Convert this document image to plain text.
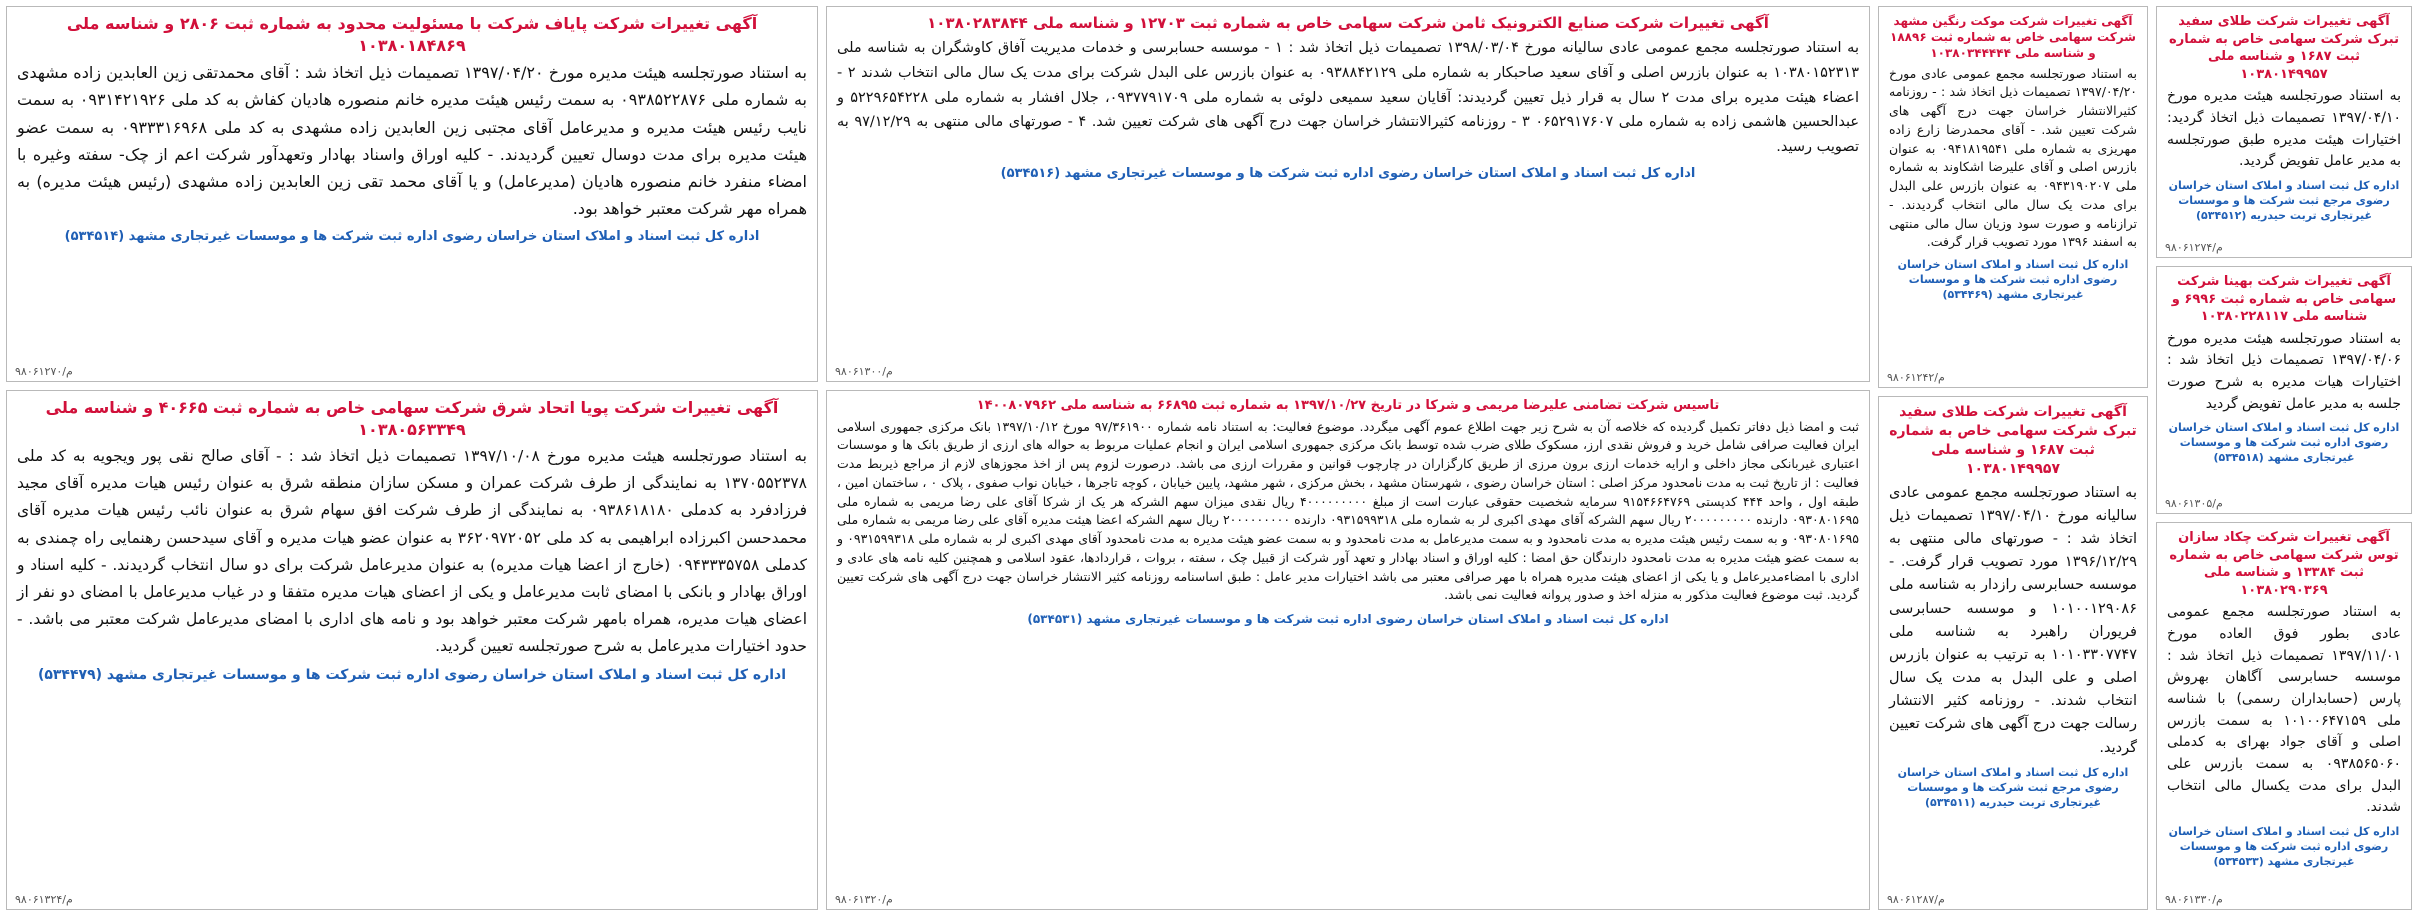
آگهی تغییرات شرکت طلای سفید تبرک شرکت سهامی خاص به شماره ثبت ۱۶۸۷ و شناسه ملی ۱۰۳۸۰۱۴۹۹۵۷
به استناد صورتجلسه هیئت مدیره مورخ ۱۳۹۷/۰۴/۱۰ تصمیمات ذیل اتخاذ گردید: اختیارات هیئت مدیره طبق صورتجلسه به مدیر عامل تفویض گردید.
اداره کل ثبت اسناد و املاک استان خراسان رضوی مرجع ثبت شرکت ها و موسسات غیرتجاری تربت حیدریه (۵۳۴۵۱۲)
۹۸۰۶۱۲۷۴/م
آگهی تغییرات شرکت بهینا شرکت سهامی خاص به شماره ثبت ۶۹۹۶ و شناسه ملی ۱۰۳۸۰۲۲۸۱۱۷
به استناد صورتجلسه هیئت مدیره مورخ ۱۳۹۷/۰۴/۰۶ تصمیمات ذیل اتخاذ شد : اختیارات هیات مدیره به شرح صورت جلسه به مدیر عامل تفویض گردید
اداره کل ثبت اسناد و املاک استان خراسان رضوی اداره ثبت شرکت ها و موسسات غیرتجاری مشهد (۵۳۴۵۱۸)
۹۸۰۶۱۳۰۵/م
آگهی تغییرات شرکت چکاد سازان توس شرکت سهامی خاص به شماره ثبت ۱۳۳۸۴ و شناسه ملی ۱۰۳۸۰۲۹۰۳۶۹
به استناد صورتجلسه مجمع عمومی عادی بطور فوق العاده مورخ ۱۳۹۷/۱۱/۰۱ تصمیمات ذیل اتخاذ شد : موسسه حسابرسی آگاهان بهروش پارس (حسابداران رسمی) با شناسه ملی ۱۰۱۰۰۶۴۷۱۵۹ به سمت بازرس اصلی و آقای جواد بهرای به کدملی ۰۹۳۸۵۶۵۰۶۰ به سمت بازرس علی البدل برای مدت یکسال مالی انتخاب شدند.
اداره کل ثبت اسناد و املاک استان خراسان رضوی اداره ثبت شرکت ها و موسسات غیرتجاری مشهد (۵۳۴۵۳۳)
۹۸۰۶۱۳۳۰/م
آگهی تغییرات شرکت موکت رنگین مشهد شرکت سهامی خاص به شماره ثبت ۱۸۸۹۶ و شناسه ملی ۱۰۳۸۰۳۴۴۴۴۴
به استناد صورتجلسه مجمع عمومی عادی مورخ ۱۳۹۷/۰۴/۲۰ تصمیمات ذیل اتخاذ شد : - روزنامه کثیرالانتشار خراسان جهت درج آگهی های شرکت تعیین شد. - آقای محمدرضا زارع زاده مهریزی به شماره ملی ۰۹۴۱۸۱۹۵۴۱ به عنوان بازرس اصلی و آقای علیرضا اشکاوند به شماره ملی ۰۹۴۳۱۹۰۲۰۷ به عنوان بازرس علی البدل برای مدت یک سال مالی انتخاب گردیدند. - ترازنامه و صورت سود وزیان سال مالی منتهی به اسفند ۱۳۹۶ مورد تصویب قرار گرفت.
اداره کل ثبت اسناد و املاک استان خراسان رضوی اداره ثبت شرکت ها و موسسات غیرتجاری مشهد (۵۳۴۴۶۹)
۹۸۰۶۱۲۴۲/م
آگهی تغییرات شرکت طلای سفید تبرک شرکت سهامی خاص به شماره ثبت ۱۶۸۷ و شناسه ملی ۱۰۳۸۰۱۴۹۹۵۷
به استناد صورتجلسه مجمع عمومی عادی سالیانه مورخ ۱۳۹۷/۰۴/۱۰ تصمیمات ذیل اتخاذ شد : - صورتهای مالی منتهی به ۱۳۹۶/۱۲/۲۹ مورد تصویب قرار گرفت. - موسسه حسابرسی رازدار به شناسه ملی ۱۰۱۰۰۱۲۹۰۸۶ و موسسه حسابرسی فریوران راهبرد به شناسه ملی ۱۰۱۰۳۳۰۷۷۴۷ به ترتیب به عنوان بازرس اصلی و علی البدل به مدت یک سال انتخاب شدند. - روزنامه کثیر الانتشار رسالت جهت درج آگهی های شرکت تعیین گردید.
اداره کل ثبت اسناد و املاک استان خراسان رضوی مرجع ثبت شرکت ها و موسسات غیرتجاری تربت حیدریه (۵۳۴۵۱۱)
۹۸۰۶۱۲۸۷/م
آگهی تغییرات شرکت صنایع الکترونیک ثامن شرکت سهامی خاص به شماره ثبت ۱۲۷۰۳ و شناسه ملی ۱۰۳۸۰۲۸۳۸۴۴
به استناد صورتجلسه مجمع عمومی عادی سالیانه مورخ ۱۳۹۸/۰۳/۰۴ تصمیمات ذیل اتخاذ شد : ۱ - موسسه حسابرسی و خدمات مدیریت آفاق کاوشگران به شناسه ملی ۱۰۳۸۰۱۵۲۳۱۳ به عنوان بازرس اصلی و آقای سعید صاحبکار به شماره ملی ۰۹۳۸۸۴۲۱۲۹ به عنوان بازرس علی البدل شرکت برای مدت یک سال مالی انتخاب شدند ۲ - اعضاء هیئت مدیره برای مدت ۲ سال به قرار ذیل تعیین گردیدند: آقایان سعید سمیعی دلوئی به شماره ملی ۰۹۳۷۷۹۱۷۰۹، جلال افشار به شماره ملی ۵۲۲۹۶۵۴۲۲۸ و عبدالحسین هاشمی زاده به شماره ملی ۰۶۵۲۹۱۷۶۰۷ ۳ - روزنامه کثیرالانتشار خراسان جهت درج آگهی های شرکت تعیین شد. ۴ - صورتهای مالی منتهی به ۹۷/۱۲/۲۹ به تصویب رسید.
اداره کل ثبت اسناد و املاک استان خراسان رضوی اداره ثبت شرکت ها و موسسات غیرتجاری مشهد (۵۳۴۵۱۶)
۹۸۰۶۱۳۰۰/م
تاسیس شرکت تضامنی علیرضا مریمی و شرکا در تاریخ ۱۳۹۷/۱۰/۲۷ به شماره ثبت ۶۶۸۹۵ به شناسه ملی ۱۴۰۰۸۰۷۹۶۲
ثبت و امضا ذیل دفاتر تکمیل گردیده که خلاصه آن به شرح زیر جهت اطلاع عموم آگهی میگردد. موضوع فعالیت: به استناد نامه شماره ۹۷/۳۶۱۹۰۰ مورخ ۱۳۹۷/۱۰/۱۲ بانک مرکزی جمهوری اسلامی ایران فعالیت صرافی شامل خرید و فروش نقدی ارز، مسکوک طلای ضرب شده توسط بانک مرکزی جمهوری اسلامی ایران و انجام عملیات مربوط به حواله های ارزی از طریق بانک ها و موسسات اعتباری غیربانکی مجاز داخلی و ارایه خدمات ارزی برون مرزی از طریق کارگزاران در چارچوب قوانین و مقررات ارزی می باشد. درصورت لزوم پس از اخذ مجوزهای لازم از مراجع ذیربط مدت فعالیت : از تاریخ ثبت به مدت نامحدود مرکز اصلی : استان خراسان رضوی ، شهرستان مشهد ، بخش مرکزی ، شهر مشهد، پایین خیابان ، کوچه تاجرها ، خیابان نواب صفوی ، پلاک ۰ ، ساختمان امین ، طبقه اول ، واحد ۴۴۴ کدپستی ۹۱۵۴۶۶۴۷۶۹ سرمایه شخصیت حقوقی عبارت است از مبلغ ۴۰۰۰۰۰۰۰۰۰ ریال نقدی میزان سهم الشرکه هر یک از شرکا آقای علی رضا مریمی به شماره ملی ۰۹۳۰۸۰۱۶۹۵ دارنده ۲۰۰۰۰۰۰۰۰۰ ریال سهم الشرکه آقای مهدی اکبری لر به شماره ملی ۰۹۳۱۵۹۹۳۱۸ دارنده ۲۰۰۰۰۰۰۰۰۰ ریال سهم الشرکه اعضا هیئت مدیره آقای علی رضا مریمی به شماره ملی ۰۹۳۰۸۰۱۶۹۵ و به سمت رئیس هیئت مدیره به مدت نامحدود و به سمت مدیرعامل به مدت نامحدود و به سمت عضو هیئت مدیره به مدت نامحدود آقای مهدی اکبری لر به شماره ملی ۰۹۳۱۵۹۹۳۱۸ و به سمت عضو هیئت مدیره به مدت نامحدود دارندگان حق امضا : کلیه اوراق و اسناد بهادار و تعهد آور شرکت از قبیل چک ، سفته ، بروات ، قراردادها، عقود اسلامی و همچنین کلیه نامه های عادی و اداری با امضاءمدیرعامل و یا یکی از اعضای هیئت مدیره همراه با مهر صرافی معتبر می باشد اختیارات مدیر عامل : طبق اساسنامه روزنامه کثیر الانتشار خراسان جهت درج آگهی های شرکت تعیین گردید. ثبت موضوع فعالیت مذکور به منزله اخذ و صدور پروانه فعالیت نمی باشد.
اداره کل ثبت اسناد و املاک استان خراسان رضوی اداره ثبت شرکت ها و موسسات غیرتجاری مشهد (۵۳۴۵۳۱)
۹۸۰۶۱۳۲۰/م
آگهی تغییرات شرکت پایاف شرکت با مسئولیت محدود به شماره ثبت ۲۸۰۶ و شناسه ملی ۱۰۳۸۰۱۸۴۸۶۹
به استناد صورتجلسه هیئت مدیره مورخ ۱۳۹۷/۰۴/۲۰ تصمیمات ذیل اتخاذ شد : آقای محمدتقی زین العابدین زاده مشهدی به شماره ملی ۰۹۳۸۵۲۲۸۷۶ به سمت رئیس هیئت مدیره خانم منصوره هادیان کفاش به کد ملی ۰۹۳۱۴۲۱۹۲۶ به سمت نایب رئیس هیئت مدیره و مدیرعامل آقای مجتبی زین العابدین زاده مشهدی به کد ملی ۰۹۳۳۳۱۶۹۶۸ به سمت عضو هیئت مدیره برای مدت دوسال تعیین گردیدند. - کلیه اوراق واسناد بهادار وتعهدآور شرکت اعم از چک- سفته وغیره با امضاء منفرد خانم منصوره هادیان (مدیرعامل) و یا آقای محمد تقی زین العابدین زاده مشهدی (رئیس هیئت مدیره) به همراه مهر شرکت معتبر خواهد بود.
اداره کل ثبت اسناد و املاک استان خراسان رضوی اداره ثبت شرکت ها و موسسات غیرتجاری مشهد (۵۳۴۵۱۴)
۹۸۰۶۱۲۷۰/م
آگهی تغییرات شرکت پویا اتحاد شرق شرکت سهامی خاص به شماره ثبت ۴۰۶۶۵ و شناسه ملی ۱۰۳۸۰۵۶۳۳۴۹
به استناد صورتجلسه هیئت مدیره مورخ ۱۳۹۷/۱۰/۰۸ تصمیمات ذیل اتخاذ شد : - آقای صالح نقی پور ویجویه به کد ملی ۱۳۷۰۵۵۲۳۷۸ به نمایندگی از طرف شرکت عمران و مسکن سازان منطقه شرق به عنوان رئیس هیات مدیره آقای مجید فرزادفرد به کدملی ۰۹۳۸۶۱۸۱۸۰ به نمایندگی از طرف شرکت افق سهام شرق به عنوان نائب رئیس هیات مدیره آقای محمدحسن اکبرزاده ابراهیمی به کد ملی ۳۶۲۰۹۷۲۰۵۲ به عنوان عضو هیات مدیره و آقای سیدحسن رهنمایی راه چمندی به کدملی ۰۹۴۳۳۳۵۷۵۸ (خارج از اعضا هیات مدیره) به عنوان مدیرعامل شرکت برای دو سال انتخاب گردیدند. - کلیه اسناد و اوراق بهادار و بانکی با امضای ثابت مدیرعامل و یکی از اعضای هیات مدیره متفقا و در غیاب مدیرعامل با امضای دو نفر از اعضای هیات مدیره، همراه بامهر شرکت معتبر خواهد بود و نامه های اداری با امضای مدیرعامل شرکت معتبر می باشد. - حدود اختیارات مدیرعامل به شرح صورتجلسه تعیین گردید.
اداره کل ثبت اسناد و املاک استان خراسان رضوی اداره ثبت شرکت ها و موسسات غیرتجاری مشهد (۵۳۴۴۷۹)
۹۸۰۶۱۳۲۴/م
